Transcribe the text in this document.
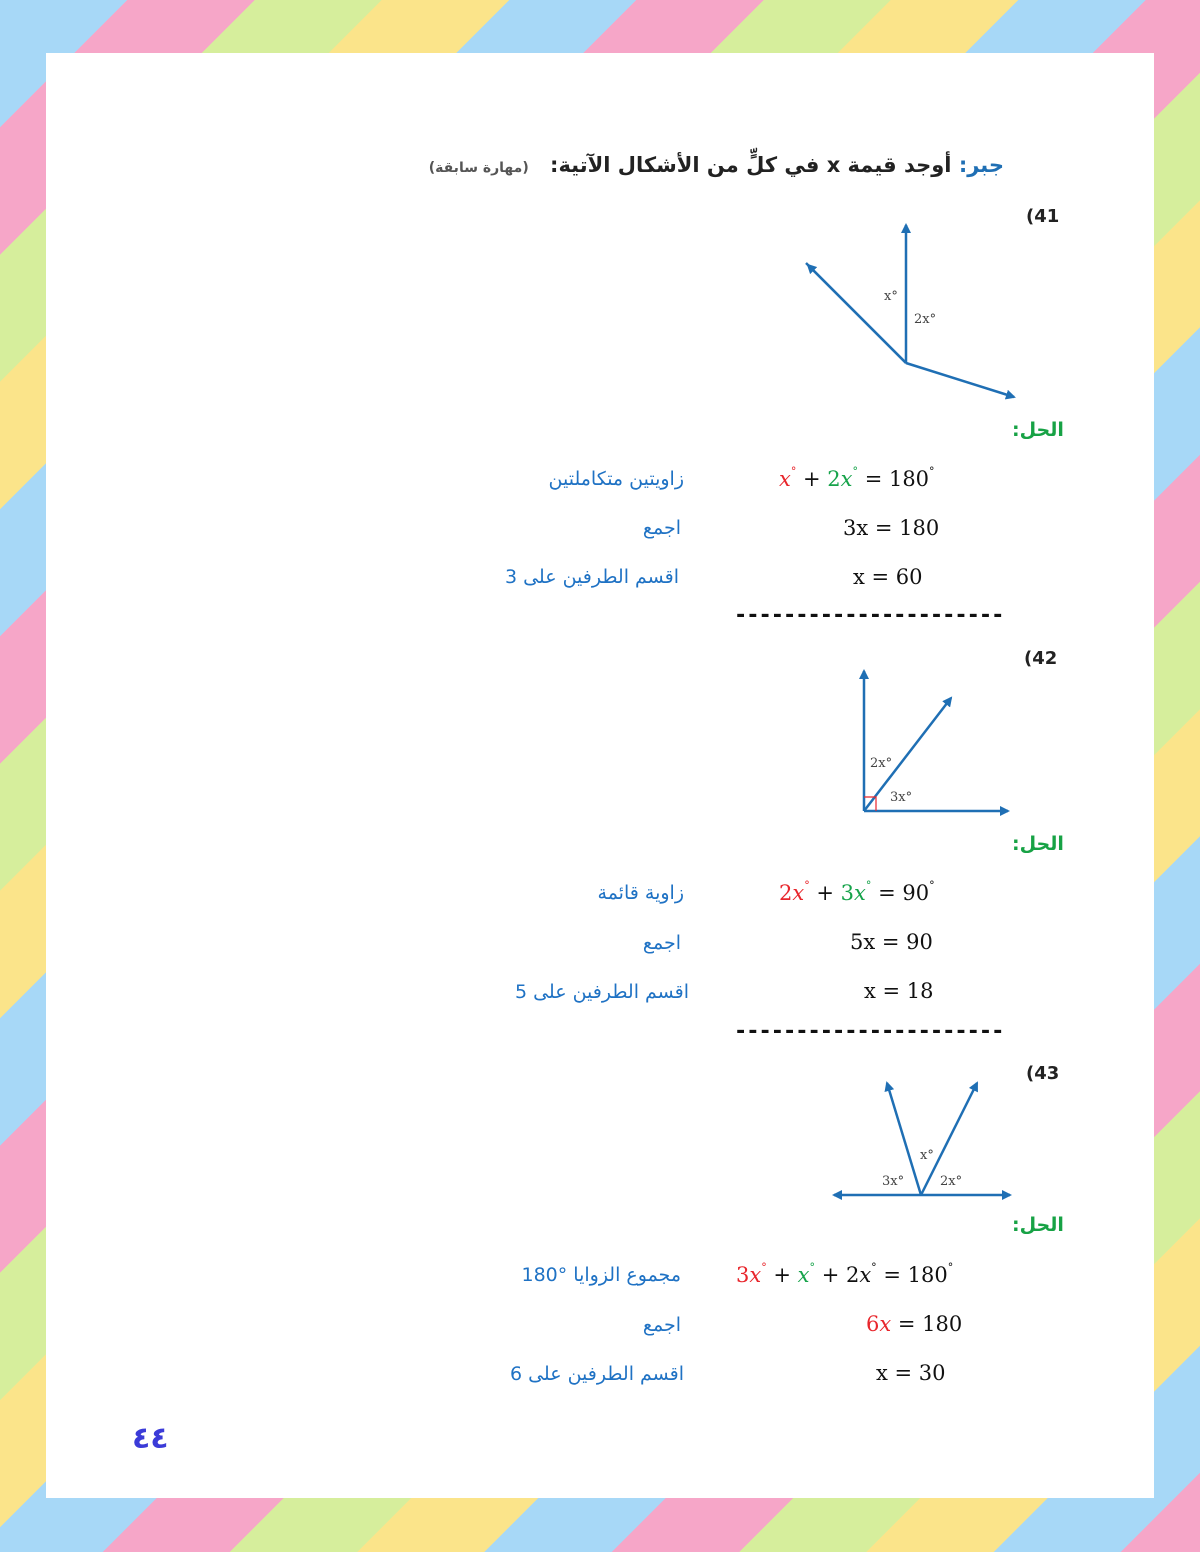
جبر: أوجد قيمة x في كلٍّ من الأشكال الآتية: (مهارة سابقة)
(41
x°
2x°
الحل:
زاويتين متكاملتين	x° + 2x° = 180°
اجمع	3x = 180
اقسم الطرفين على 3	x = 60
----------------------
(42
2x°
3x°
الحل:
زاوية قائمة	2x° + 3x° = 90°
اجمع	5x = 90
اقسم الطرفين على 5	x = 18
----------------------
(43
x°
3x°	2x°
الحل:
مجموع الزوايا °180	3x° + x° + 2x° = 180°
اجمع	6x = 180
اقسم الطرفين على 6	x = 30
٤٤
